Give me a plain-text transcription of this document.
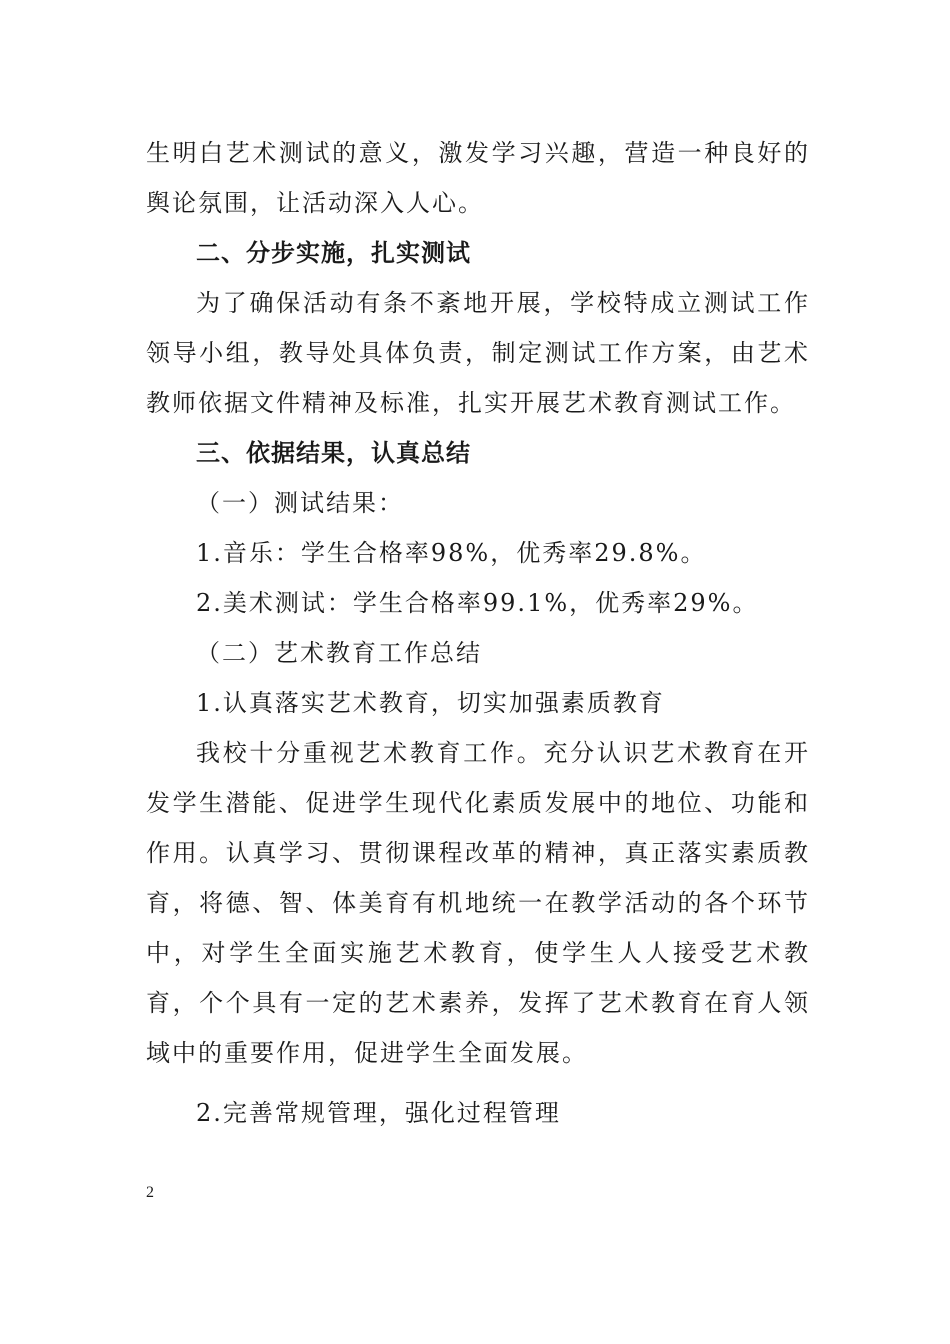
生明白艺术测试的意义，激发学习兴趣，营造一种良好的舆论氛围，让活动深入人心。

二、分步实施，扎实测试

为了确保活动有条不紊地开展，学校特成立测试工作领导小组，教导处具体负责，制定测试工作方案，由艺术教师依据文件精神及标准，扎实开展艺术教育测试工作。

三、依据结果，认真总结

（一）测试结果：

1.音乐：学生合格率98%，优秀率29.8%。

2.美术测试：学生合格率99.1%，优秀率29%。

（二）艺术教育工作总结

1.认真落实艺术教育，切实加强素质教育

我校十分重视艺术教育工作。充分认识艺术教育在开发学生潜能、促进学生现代化素质发展中的地位、功能和作用。认真学习、贯彻课程改革的精神，真正落实素质教育，将德、智、体美育有机地统一在教学活动的各个环节中，对学生全面实施艺术教育，使学生人人接受艺术教育，个个具有一定的艺术素养，发挥了艺术教育在育人领域中的重要作用，促进学生全面发展。

2.完善常规管理，强化过程管理

2
